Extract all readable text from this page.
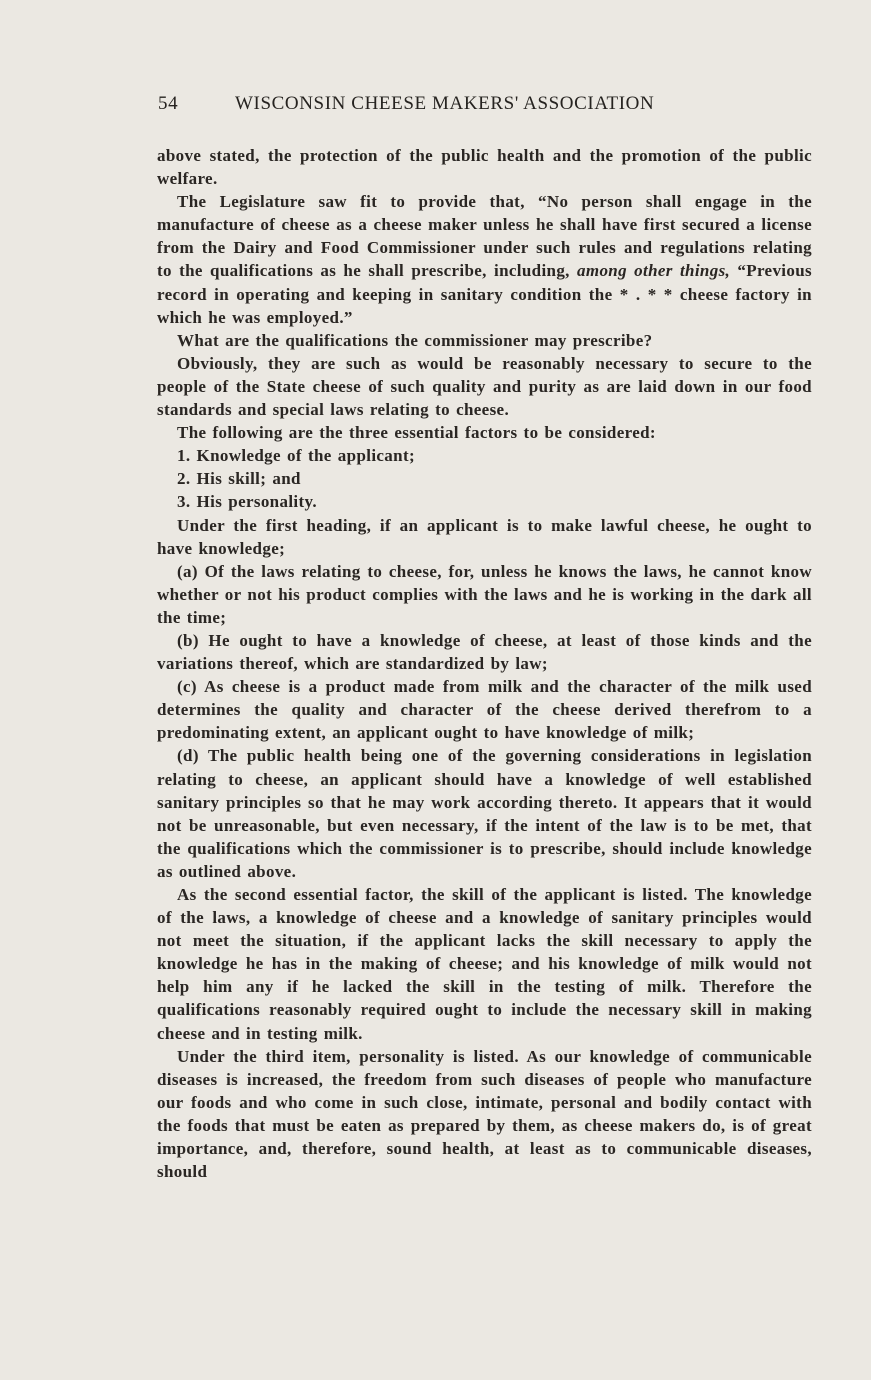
54	WISCONSIN CHEESE MAKERS' ASSOCIATION

above stated, the protection of the public health and the promotion of the public welfare.

The Legislature saw fit to provide that, “No person shall engage in the manufacture of cheese as a cheese maker unless he shall have first secured a license from the Dairy and Food Commissioner under such rules and regulations relating to the qualifications as he shall prescribe, including, among other things, “Previous record in operating and keeping in sanitary condition the * . * * cheese factory in which he was employed.”

What are the qualifications the commissioner may prescribe?

Obviously, they are such as would be reasonably necessary to secure to the people of the State cheese of such quality and purity as are laid down in our food standards and special laws relating to cheese.

The following are the three essential factors to be considered:

1. Knowledge of the applicant;

2. His skill; and

3. His personality.

Under the first heading, if an applicant is to make lawful cheese, he ought to have knowledge;

(a) Of the laws relating to cheese, for, unless he knows the laws, he cannot know whether or not his product complies with the laws and he is working in the dark all the time;

(b) He ought to have a knowledge of cheese, at least of those kinds and the variations thereof, which are standardized by law;

(c) As cheese is a product made from milk and the character of the milk used determines the quality and character of the cheese derived therefrom to a predominating extent, an applicant ought to have knowledge of milk;

(d) The public health being one of the governing considerations in legislation relating to cheese, an applicant should have a knowledge of well established sanitary principles so that he may work according thereto. It appears that it would not be unreasonable, but even necessary, if the intent of the law is to be met, that the qualifications which the commissioner is to prescribe, should include knowledge as outlined above.

As the second essential factor, the skill of the applicant is listed. The knowledge of the laws, a knowledge of cheese and a knowledge of sanitary principles would not meet the situation, if the applicant lacks the skill necessary to apply the knowledge he has in the making of cheese; and his knowledge of milk would not help him any if he lacked the skill in the testing of milk. Therefore the qualifications reasonably required ought to include the necessary skill in making cheese and in testing milk.

Under the third item, personality is listed. As our knowledge of communicable diseases is increased, the freedom from such diseases of people who manufacture our foods and who come in such close, intimate, personal and bodily contact with the foods that must be eaten as prepared by them, as cheese makers do, is of great importance, and, therefore, sound health, at least as to communicable diseases, should
